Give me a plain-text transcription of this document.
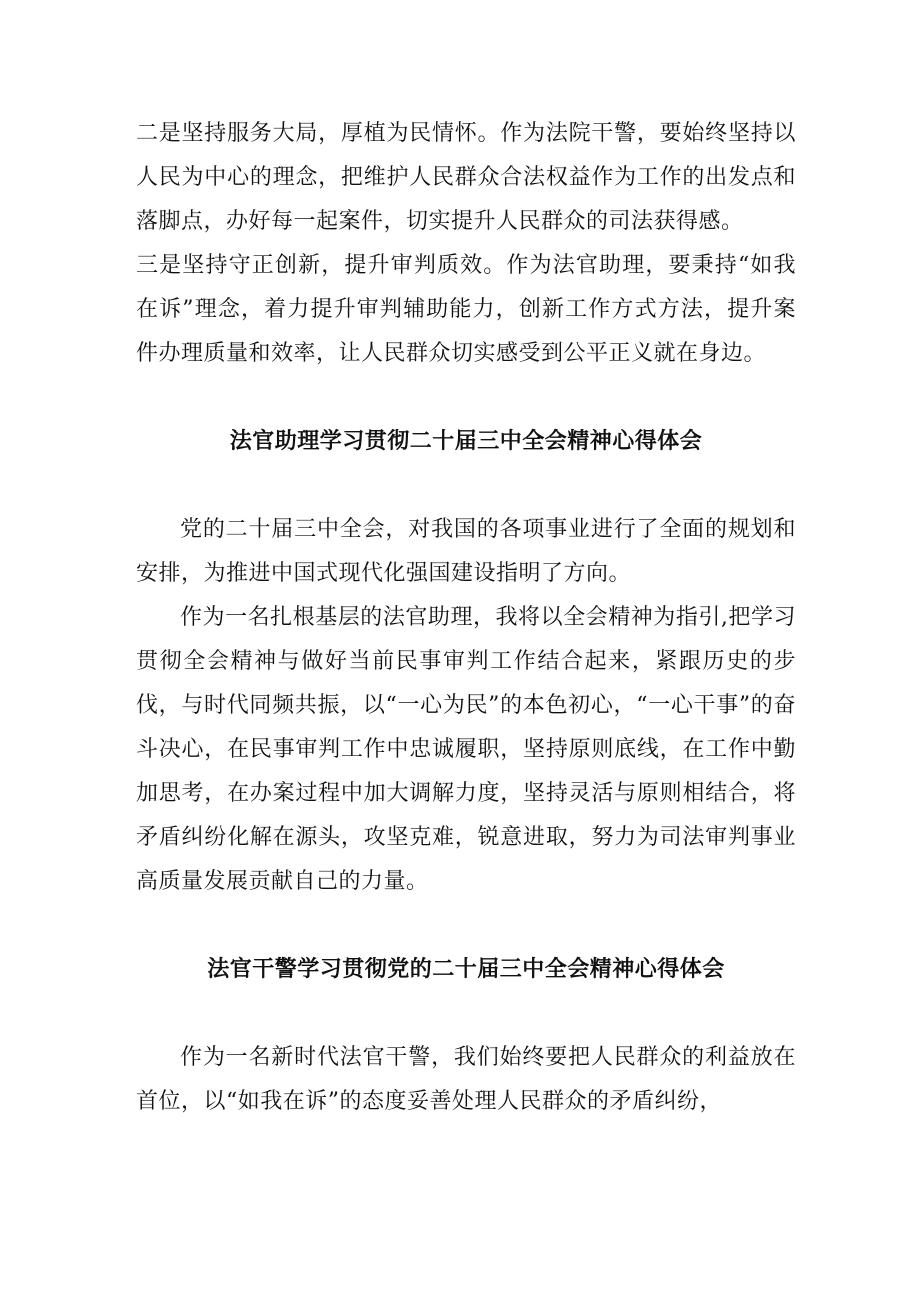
二是坚持服务大局，厚植为民情怀。作为法院干警，要始终坚持以人民为中心的理念，把维护人民群众合法权益作为工作的出发点和落脚点，办好每一起案件，切实提升人民群众的司法获得感。

三是坚持守正创新，提升审判质效。作为法官助理，要秉持“如我在诉”理念，着力提升审判辅助能力，创新工作方式方法，提升案件办理质量和效率，让人民群众切实感受到公平正义就在身边。

法官助理学习贯彻二十届三中全会精神心得体会

党的二十届三中全会，对我国的各项事业进行了全面的规划和安排，为推进中国式现代化强国建设指明了方向。

作为一名扎根基层的法官助理，我将以全会精神为指引,把学习贯彻全会精神与做好当前民事审判工作结合起来，紧跟历史的步伐，与时代同频共振，以“一心为民”的本色初心，“一心干事”的奋斗决心，在民事审判工作中忠诚履职，坚持原则底线，在工作中勤加思考，在办案过程中加大调解力度，坚持灵活与原则相结合，将矛盾纠纷化解在源头，攻坚克难，锐意进取，努力为司法审判事业高质量发展贡献自己的力量。

法官干警学习贯彻党的二十届三中全会精神心得体会

作为一名新时代法官干警，我们始终要把人民群众的利益放在首位，以“如我在诉”的态度妥善处理人民群众的矛盾纠纷，
